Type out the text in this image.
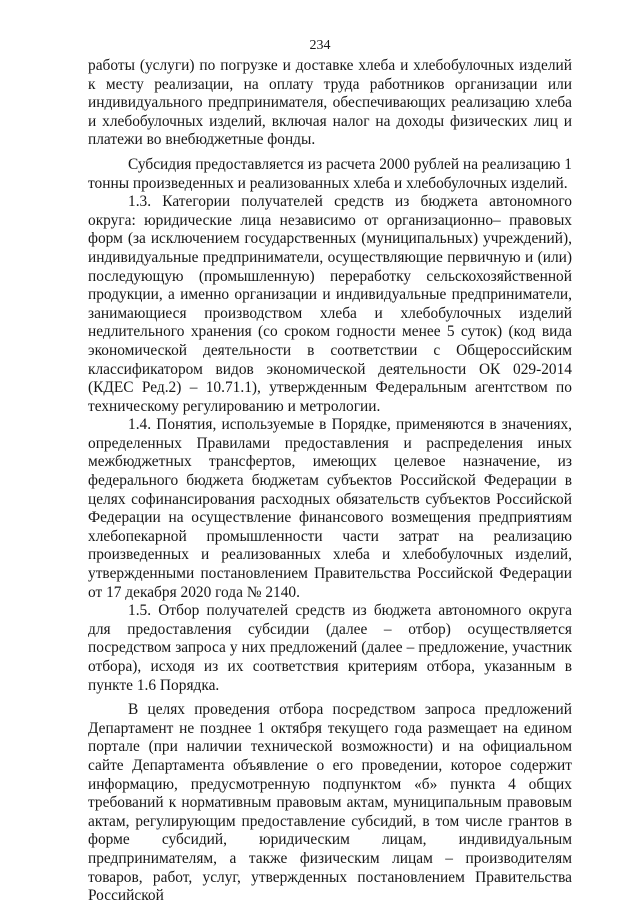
234

работы (услуги) по погрузке и доставке хлеба и хлебобулочных изделий к месту реализации, на оплату труда работников организации или индивидуального предпринимателя, обеспечивающих реализацию хлеба и хлебобулочных изделий, включая налог на доходы физических лиц и платежи во внебюджетные фонды.

Субсидия предоставляется из расчета 2000 рублей на реализацию 1 тонны произведенных и реализованных хлеба и хлебобулочных изделий.

1.3. Категории получателей средств из бюджета автономного округа: юридические лица независимо от организационно– правовых форм (за исключением государственных (муниципальных) учреждений), индивидуальные предприниматели, осуществляющие первичную и (или) последующую (промышленную) переработку сельскохозяйственной продукции, а именно организации и индивидуальные предприниматели, занимающиеся производством хлеба и хлебобулочных изделий недлительного хранения (со сроком годности менее 5 суток) (код вида экономической деятельности в соответствии с Общероссийским классификатором видов экономической деятельности ОК 029-2014 (КДЕС Ред.2) – 10.71.1), утвержденным Федеральным агентством по техническому регулированию и метрологии.

1.4. Понятия, используемые в Порядке, применяются в значениях, определенных Правилами предоставления и распределения иных межбюджетных трансфертов, имеющих целевое назначение, из федерального бюджета бюджетам субъектов Российской Федерации в целях софинансирования расходных обязательств субъектов Российской Федерации на осуществление финансового возмещения предприятиям хлебопекарной промышленности части затрат на реализацию произведенных и реализованных хлеба и хлебобулочных изделий, утвержденными постановлением Правительства Российской Федерации от 17 декабря 2020 года № 2140.

1.5. Отбор получателей средств из бюджета автономного округа для предоставления субсидии (далее – отбор) осуществляется посредством запроса у них предложений (далее – предложение, участник отбора), исходя из их соответствия критериям отбора, указанным в пункте 1.6 Порядка.

В целях проведения отбора посредством запроса предложений Департамент не позднее 1 октября текущего года размещает на едином портале (при наличии технической возможности) и на официальном сайте Департамента объявление о его проведении, которое содержит информацию, предусмотренную подпунктом «б» пункта 4 общих требований к нормативным правовым актам, муниципальным правовым актам, регулирующим предоставление субсидий, в том числе грантов в форме субсидий, юридическим лицам, индивидуальным предпринимателям, а также физическим лицам – производителям товаров, работ, услуг, утвержденных постановлением Правительства Российской
